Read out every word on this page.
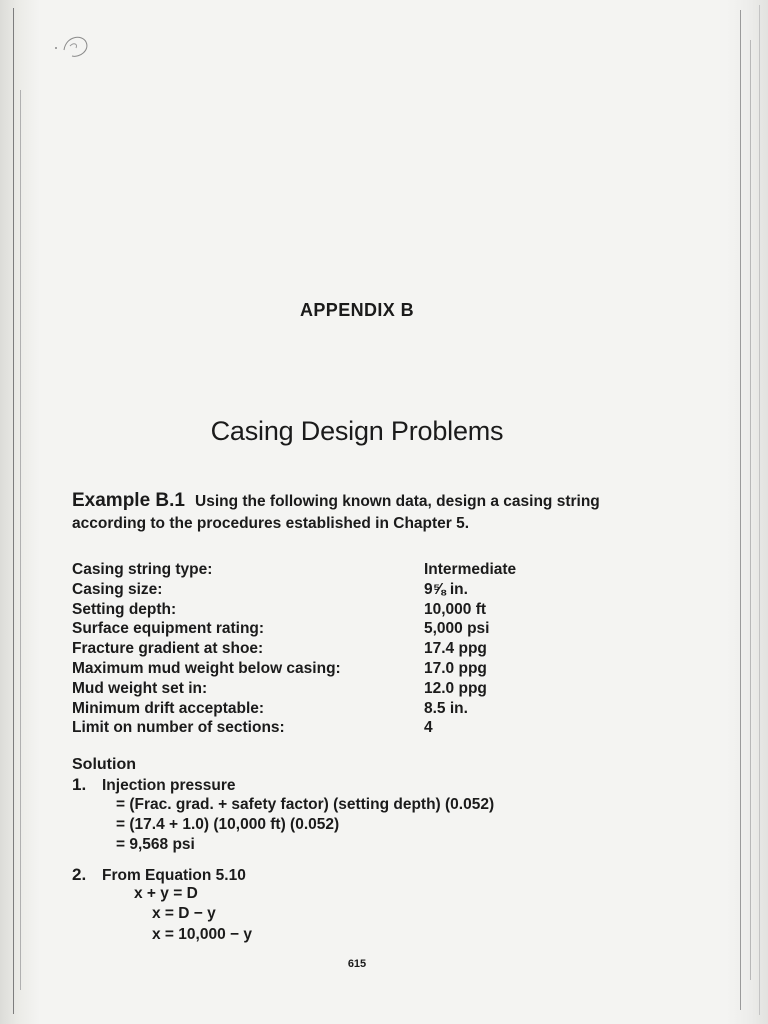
APPENDIX B
Casing Design Problems
Example B.1 Using the following known data, design a casing string according to the procedures established in Chapter 5.
Casing string type:	Intermediate
Casing size:	9⅝ in.
Setting depth:	10,000 ft
Surface equipment rating:	5,000 psi
Fracture gradient at shoe:	17.4 ppg
Maximum mud weight below casing:	17.0 ppg
Mud weight set in:	12.0 ppg
Minimum drift acceptable:	8.5 in.
Limit on number of sections:	4
Solution
1. Injection pressure
= (Frac. grad. + safety factor) (setting depth) (0.052)
= (17.4 + 1.0) (10,000 ft) (0.052)
= 9,568 psi
2. From Equation 5.10
x + y = D
x = D − y
x = 10,000 − y
615
